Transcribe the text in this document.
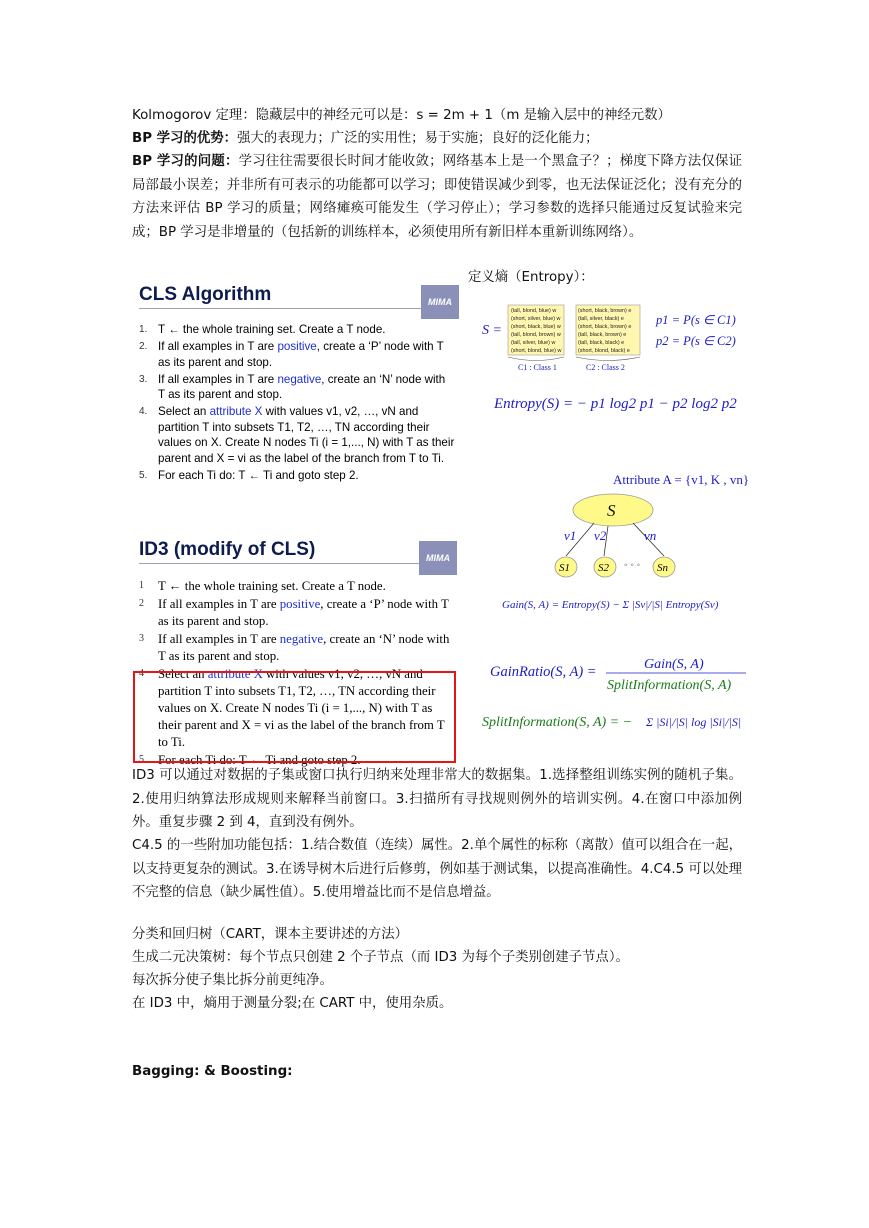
Kolmogorov 定理：隐藏层中的神经元可以是：s = 2m + 1（m 是输入层中的神经元数）

BP 学习的优势：强大的表现力；广泛的实用性；易于实施；良好的泛化能力；

BP 学习的问题：学习往往需要很长时间才能收敛；网络基本上是一个黑盒子？；梯度下降方法仅保证局部最小误差；并非所有可表示的功能都可以学习；即使错误减少到零，也无法保证泛化；没有充分的方法来评估 BP 学习的质量；网络瘫痪可能发生（学习停止）；学习参数的选择只能通过反复试验来完成；BP 学习是非增量的（包括新的训练样本，必须使用所有新旧样本重新训练网络）。

定义熵（Entropy）：
CLS Algorithm	MIMA
1. T ← the whole training set. Create a T node.
2. If all examples in T are positive, create a ‘P’ node with T as its parent and stop.
3. If all examples in T are negative, create an ‘N’ node with T as its parent and stop.
4. Select an attribute X with values v1, v2, …, vN and partition T into subsets T1, T2, …, TN according their values on X. Create N nodes Ti (i = 1,..., N) with T as their parent and X = vi as the label of the branch from T to Ti.
5. For each Ti do: T ← Ti and goto step 2.
ID3 (modify of CLS)	MIMA
1 T ← the whole training set. Create a T node.
2 If all examples in T are positive, create a ‘P’ node with T as its parent and stop.
3 If all examples in T are negative, create an ‘N’ node with T as its parent and stop.
4 Select an attribute X with values v1, v2, …, vN and partition T into subsets T1, T2, …, TN according their values on X. Create N nodes Ti (i = 1,..., N) with T as their parent and X = vi as the label of the branch from T to Ti.
5 For each Ti do: T ← Ti and goto step 2.
S =
(tall, blond, blue) w
(short, silver, blue) w
(short, black, blue) w
(tall, blond, brown) w
(tall, silver, blue) w
(short, blond, blue) w
(short, black, brown) e
(tall, silver, black) e
(short, black, brown) e
(tall, black, brown) e
(tall, black, black) e
(short, blond, black) e
C1 : Class 1	C2 : Class 2
p1 = P(s ∈ C1)
p2 = P(s ∈ C2)
Entropy(S) = − p1 log2 p1 − p2 log2 p2
Attribute A = {v1, K , vn}
S
v1 v2	vn
S1	S2	Sn
◦ ◦ ◦
Gain(S, A) = Entropy(S) − Σ |Sv|/|S| Entropy(Sv)
GainRatio(S, A) =	Gain(S, A)
SplitInformation(S, A)
SplitInformation(S, A) = − Σ |Si|/|S| log |Si|/|S|

ID3 可以通过对数据的子集或窗口执行归纳来处理非常大的数据集。1.选择整组训练实例的随机子集。2.使用归纳算法形成规则来解释当前窗口。3.扫描所有寻找规则例外的培训实例。4.在窗口中添加例外。重复步骤 2 到 4，直到没有例外。

C4.5 的一些附加功能包括：1.结合数值（连续）属性。2.单个属性的标称（离散）值可以组合在一起，以支持更复杂的测试。3.在诱导树木后进行后修剪，例如基于测试集，以提高准确性。4.C4.5 可以处理不完整的信息（缺少属性值）。5.使用增益比而不是信息增益。

分类和回归树（CART，课本主要讲述的方法）

生成二元决策树：每个节点只创建 2 个子节点（而 ID3 为每个子类别创建子节点）。

每次拆分使子集比拆分前更纯净。

在 ID3 中，熵用于测量分裂;在 CART 中，使用杂质。

Bagging: & Boosting:
